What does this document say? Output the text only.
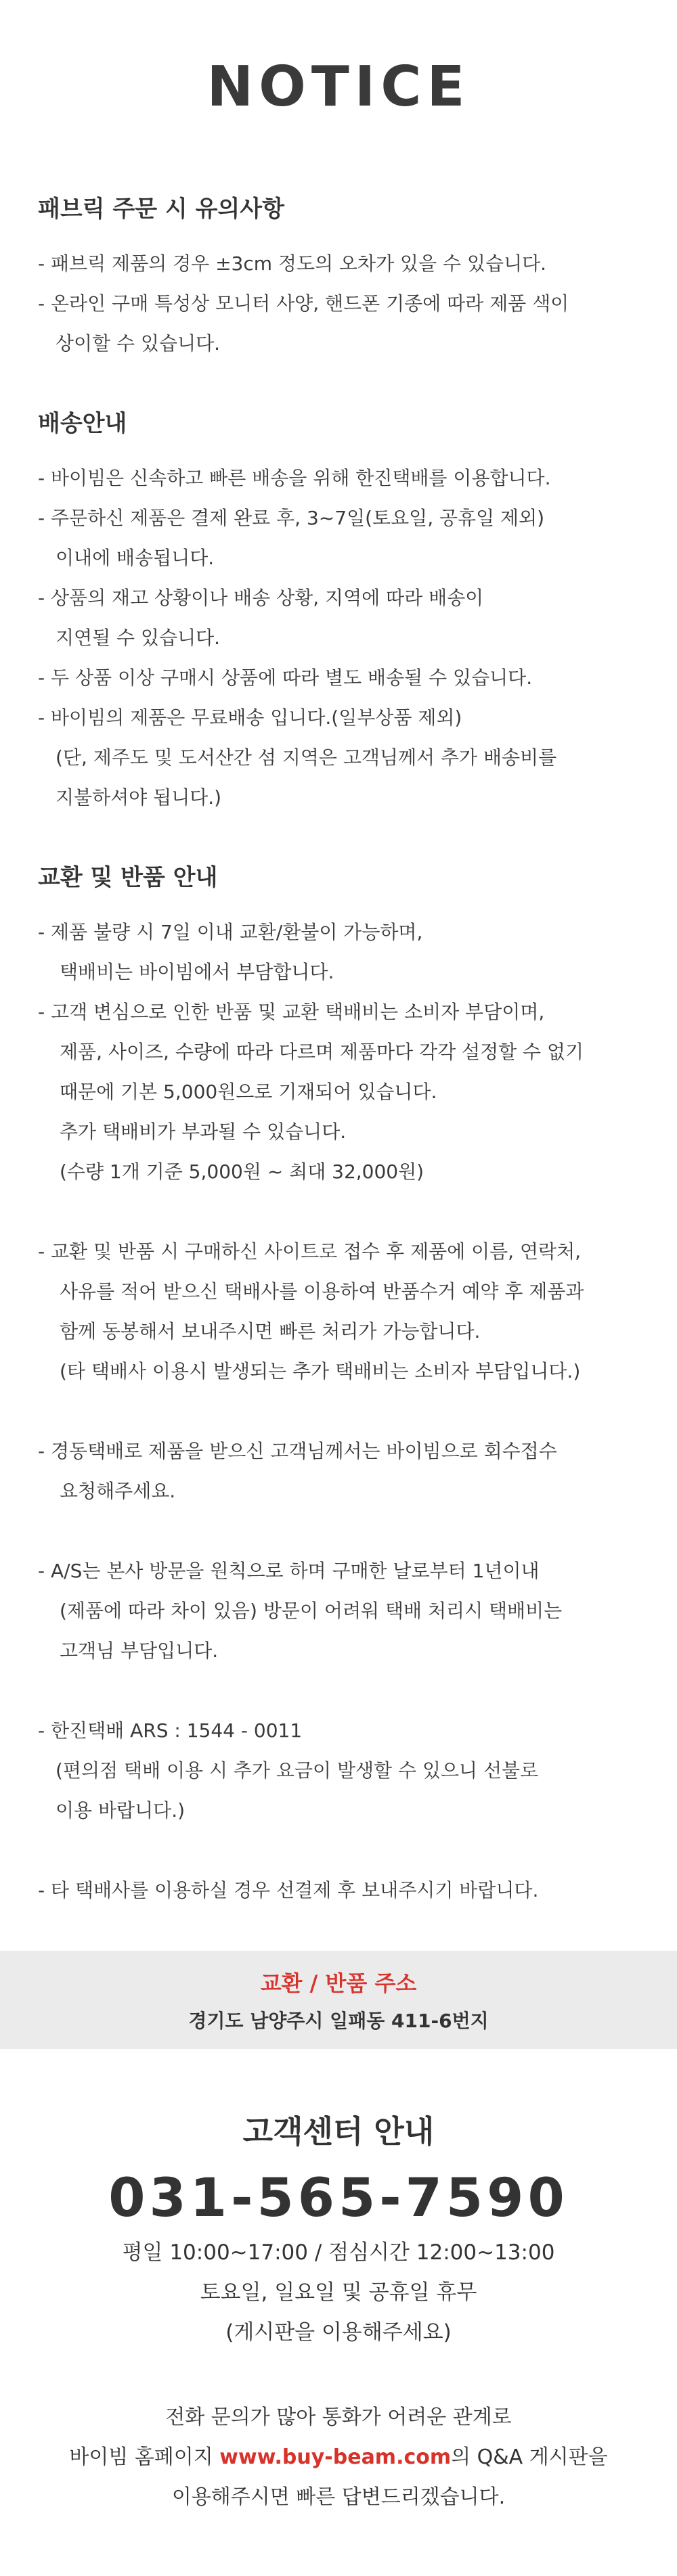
NOTICE
패브릭 주문 시 유의사항
- 패브릭 제품의 경우 ±3cm 정도의 오차가 있을 수 있습니다.
- 온라인 구매 특성상 모니터 사양, 핸드폰 기종에 따라 제품 색이
상이할 수 있습니다.
배송안내
- 바이빔은 신속하고 빠른 배송을 위해 한진택배를 이용합니다.
- 주문하신 제품은 결제 완료 후, 3~7일(토요일, 공휴일 제외)
이내에 배송됩니다.
- 상품의 재고 상황이나 배송 상황, 지역에 따라 배송이
지연될 수 있습니다.
- 두 상품 이상 구매시 상품에 따라 별도 배송될 수 있습니다.
- 바이빔의 제품은 무료배송 입니다.(일부상품 제외)
(단, 제주도 및 도서산간 섬 지역은 고객님께서 추가 배송비를
지불하셔야 됩니다.)
교환 및 반품 안내
- 제품 불량 시 7일 이내 교환/환불이 가능하며,
택배비는 바이빔에서 부담합니다.
- 고객 변심으로 인한 반품 및 교환 택배비는 소비자 부담이며,
제품, 사이즈, 수량에 따라 다르며 제품마다 각각 설정할 수 없기
때문에 기본 5,000원으로 기재되어 있습니다.
추가 택배비가 부과될 수 있습니다.
(수량 1개 기준 5,000원 ~ 최대 32,000원)
- 교환 및 반품 시 구매하신 사이트로 접수 후 제품에 이름, 연락처,
사유를 적어 받으신 택배사를 이용하여 반품수거 예약 후 제품과
함께 동봉해서 보내주시면 빠른 처리가 가능합니다.
(타 택배사 이용시 발생되는 추가 택배비는 소비자 부담입니다.)
- 경동택배로 제품을 받으신 고객님께서는 바이빔으로 회수접수
요청해주세요.
- A/S는 본사 방문을 원칙으로 하며 구매한 날로부터 1년이내
(제품에 따라 차이 있음) 방문이 어려워 택배 처리시 택배비는
고객님 부담입니다.
- 한진택배 ARS : 1544 - 0011
(편의점 택배 이용 시 추가 요금이 발생할 수 있으니 선불로
이용 바랍니다.)
- 타 택배사를 이용하실 경우 선결제 후 보내주시기 바랍니다.
교환 / 반품 주소
경기도 남양주시 일패동 411-6번지
고객센터 안내
031-565-7590
평일 10:00~17:00 / 점심시간 12:00~13:00
토요일, 일요일 및 공휴일 휴무
(게시판을 이용해주세요)
전화 문의가 많아 통화가 어려운 관계로
바이빔 홈페이지 www.buy-beam.com의 Q&A 게시판을
이용해주시면 빠른 답변드리겠습니다.
